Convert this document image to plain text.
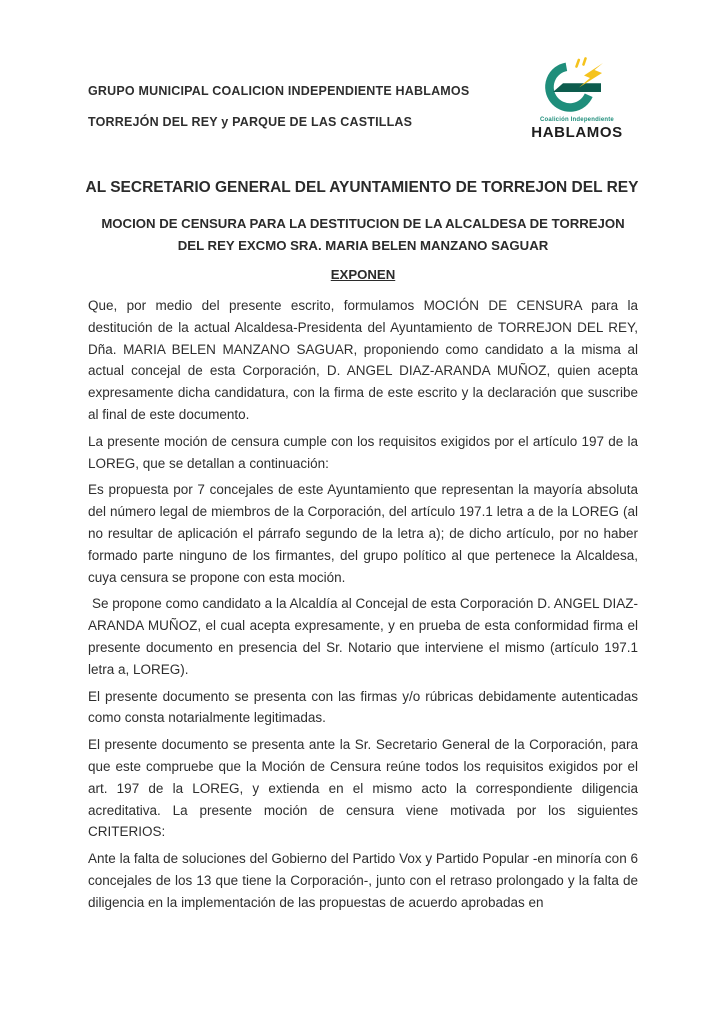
GRUPO MUNICIPAL COALICION INDEPENDIENTE HABLAMOS
TORREJÓN DEL REY y PARQUE DE LAS CASTILLAS	Coalición Independiente
HABLAMOS
AL SECRETARIO GENERAL DEL AYUNTAMIENTO DE TORREJON DEL REY
MOCION DE CENSURA PARA LA DESTITUCION DE LA ALCALDESA DE TORREJON
DEL REY EXCMO SRA. MARIA BELEN MANZANO SAGUAR
EXPONEN

Que, por medio del presente escrito, formulamos MOCIÓN DE CENSURA para la destitución de la actual Alcaldesa-Presidenta del Ayuntamiento de TORREJON DEL REY, Dña. MARIA BELEN MANZANO SAGUAR, proponiendo como candidato a la misma al actual concejal de esta Corporación, D. ANGEL DIAZ-ARANDA MUÑOZ, quien acepta expresamente dicha candidatura, con la firma de este escrito y la declaración que suscribe al final de este documento.

La presente moción de censura cumple con los requisitos exigidos por el artículo 197 de la LOREG, que se detallan a continuación:

Es propuesta por 7 concejales de este Ayuntamiento que representan la mayoría absoluta del número legal de miembros de la Corporación, del artículo 197.1 letra a de la LOREG (al no resultar de aplicación el párrafo segundo de la letra a); de dicho artículo, por no haber formado parte ninguno de los firmantes, del grupo político al que pertenece la Alcaldesa, cuya censura se propone con esta moción.

Se propone como candidato a la Alcaldía al Concejal de esta Corporación D. ANGEL DIAZ-ARANDA MUÑOZ, el cual acepta expresamente, y en prueba de esta conformidad firma el presente documento en presencia del Sr. Notario que interviene el mismo (artículo 197.1 letra a, LOREG).

El presente documento se presenta con las firmas y/o rúbricas debidamente autenticadas como consta notarialmente legitimadas.

El presente documento se presenta ante la Sr. Secretario General de la Corporación, para que este compruebe que la Moción de Censura reúne todos los requisitos exigidos por el art. 197 de la LOREG, y extienda en el mismo acto la correspondiente diligencia acreditativa. La presente moción de censura viene motivada por los siguientes CRITERIOS:

Ante la falta de soluciones del Gobierno del Partido Vox y Partido Popular -en minoría con 6 concejales de los 13 que tiene la Corporación-, junto con el retraso prolongado y la falta de diligencia en la implementación de las propuestas de acuerdo aprobadas en
